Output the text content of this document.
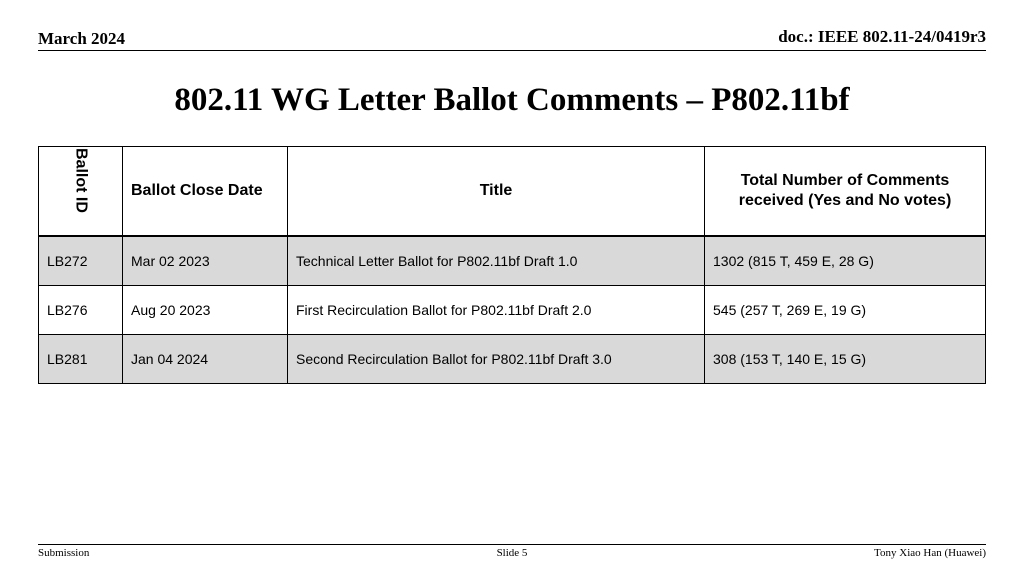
March 2024	doc.: IEEE 802.11-24/0419r3
802.11 WG Letter Ballot Comments – P802.11bf
Ballot ID	Ballot Close Date	Title	Total Number of Comments received (Yes and No votes)
LB272	Mar 02 2023	Technical Letter Ballot for P802.11bf Draft 1.0	1302 (815 T, 459 E, 28 G)
LB276	Aug 20 2023	First Recirculation Ballot for P802.11bf Draft 2.0	545 (257 T, 269 E, 19 G)
LB281	Jan 04 2024	Second Recirculation Ballot for P802.11bf Draft 3.0	308 (153 T, 140 E, 15 G)
Submission	Slide 5	Tony Xiao Han (Huawei)
